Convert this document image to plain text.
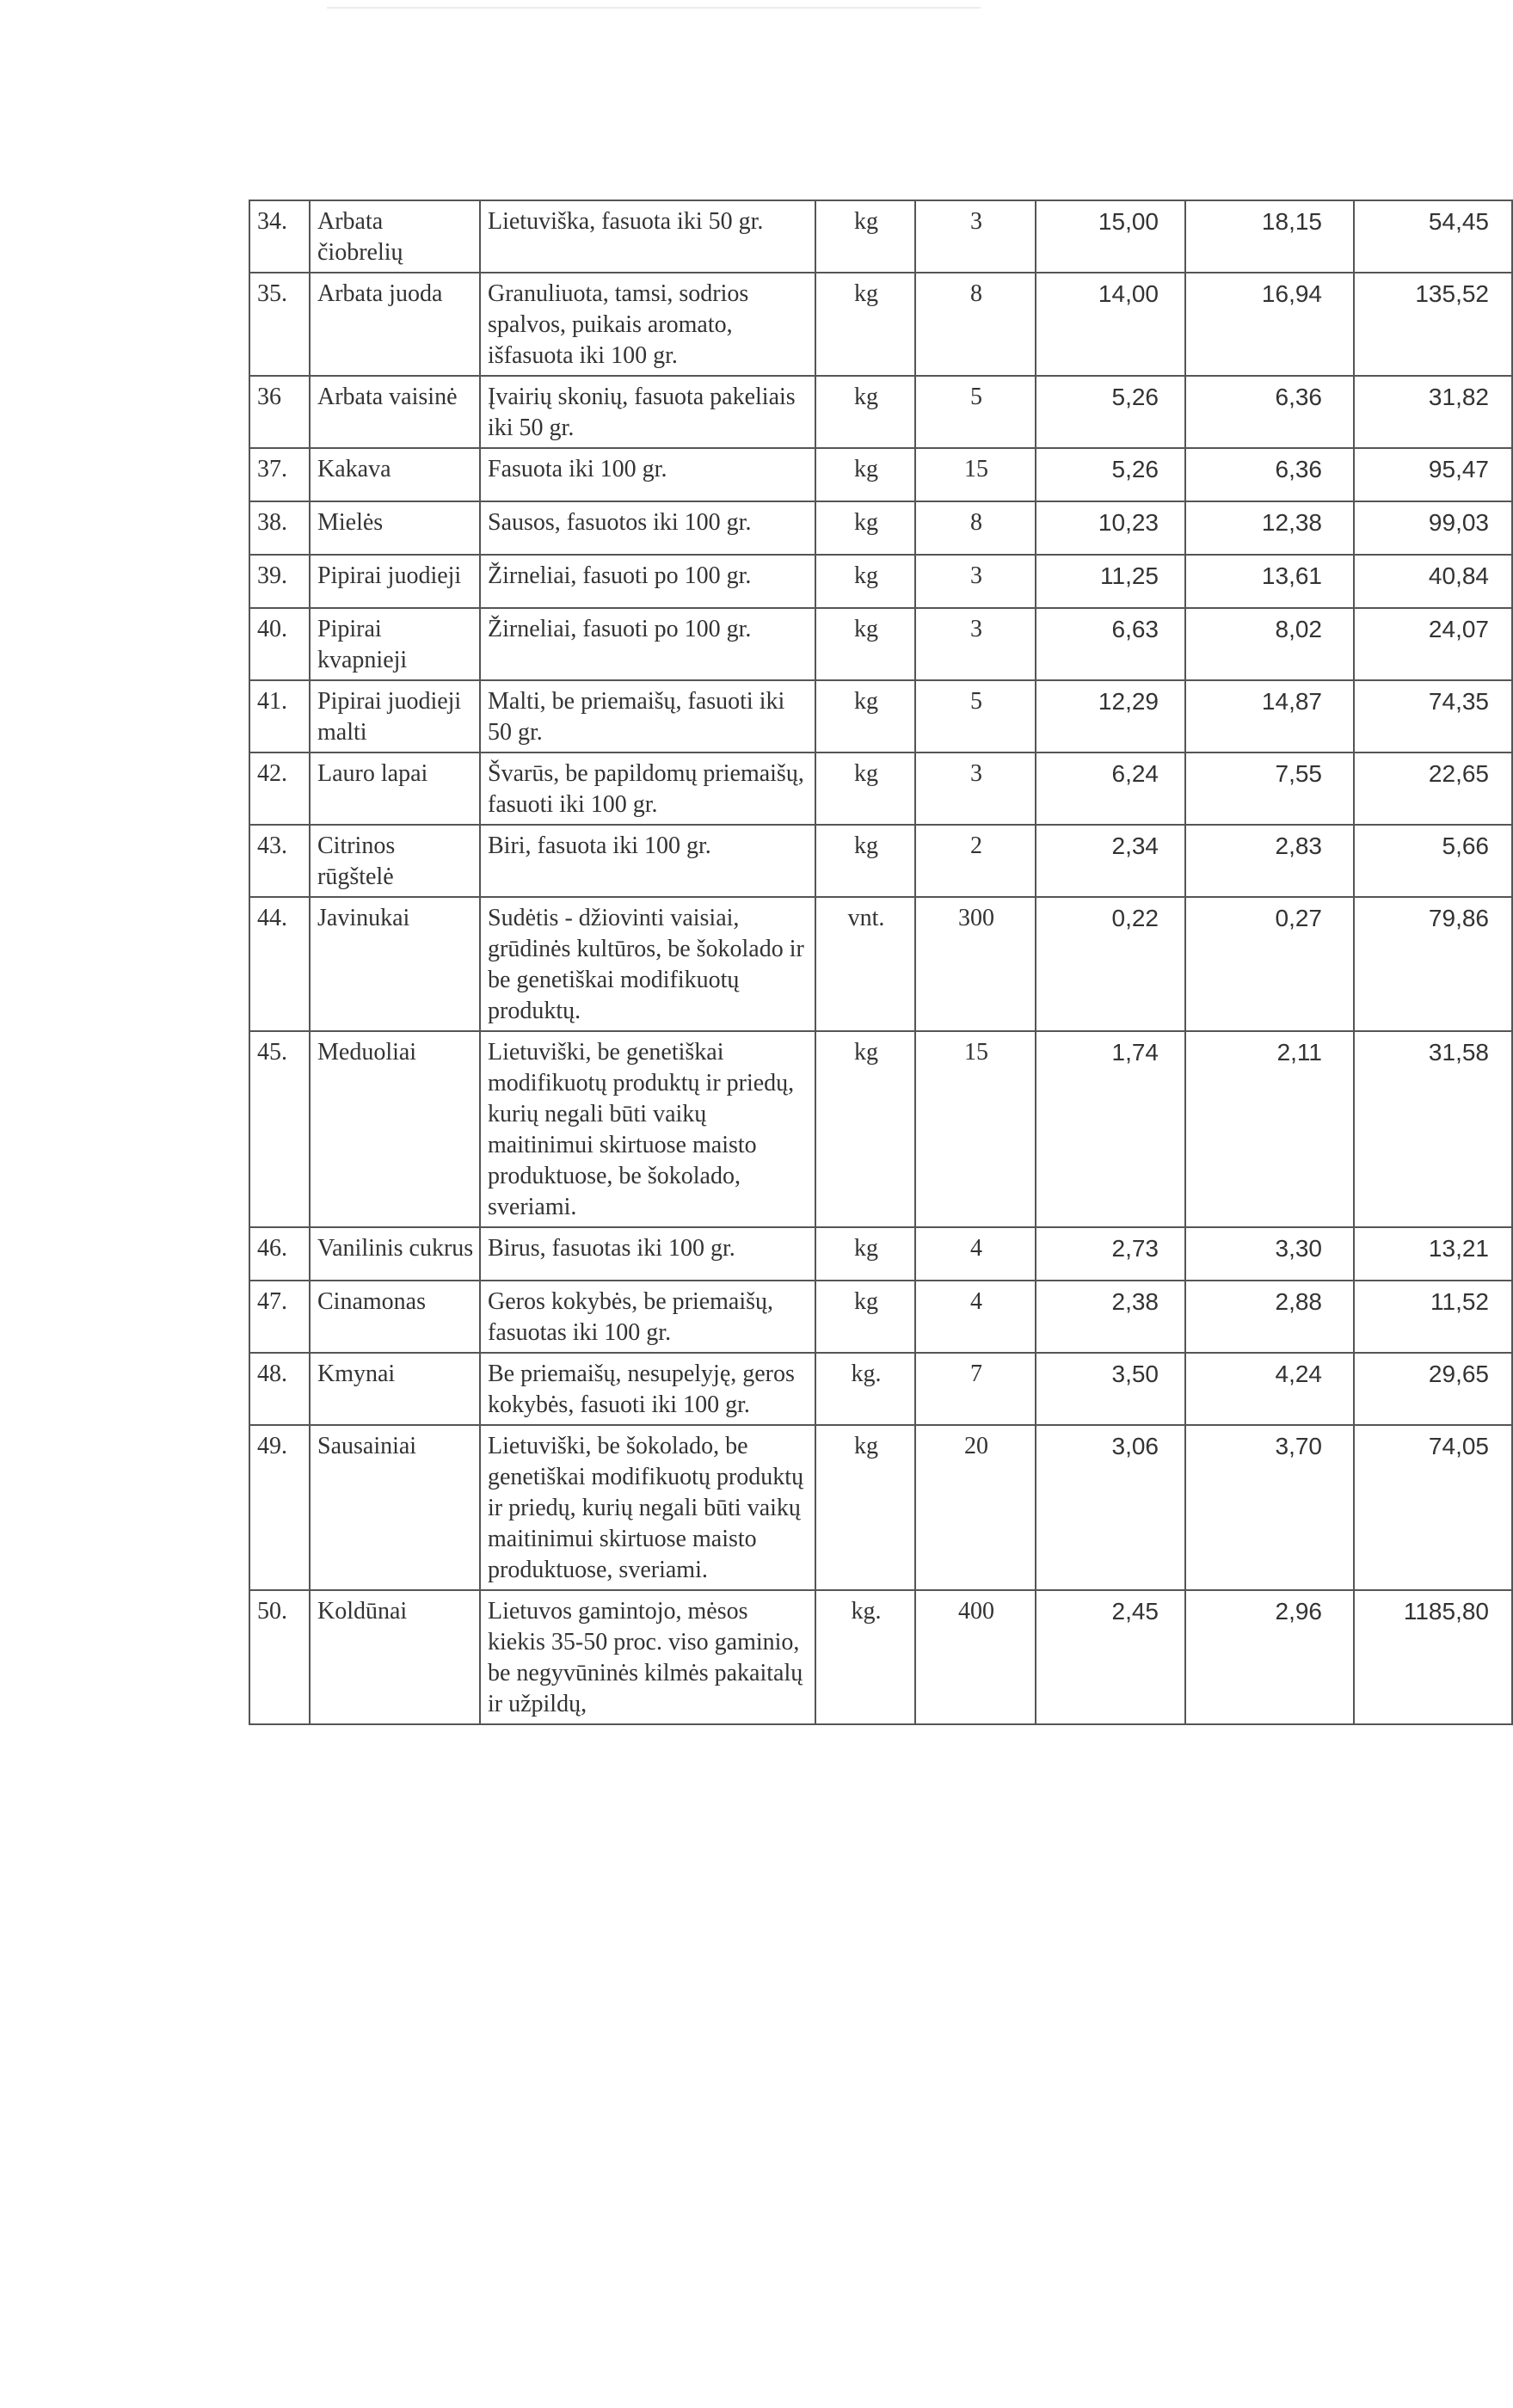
34.	Arbata čiobrelių	Lietuviška, fasuota iki 50 gr.	kg	3	15,00	18,15	54,45
35.	Arbata juoda	Granuliuota, tamsi, sodrios spalvos, puikais aromato, išfasuota iki 100 gr.	kg	8	14,00	16,94	135,52
36	Arbata vaisinė	Įvairių skonių, fasuota pakeliais iki 50 gr.	kg	5	5,26	6,36	31,82
37.	Kakava	Fasuota iki 100 gr.	kg	15	5,26	6,36	95,47
38.	Mielės	Sausos, fasuotos iki 100 gr.	kg	8	10,23	12,38	99,03
39.	Pipirai juodieji	Žirneliai, fasuoti po 100 gr.	kg	3	11,25	13,61	40,84
40.	Pipirai kvapnieji	Žirneliai, fasuoti po 100 gr.	kg	3	6,63	8,02	24,07
41.	Pipirai juodieji malti	Malti, be priemaišų, fasuoti iki 50 gr.	kg	5	12,29	14,87	74,35
42.	Lauro lapai	Švarūs, be papildomų priemaišų, fasuoti iki 100 gr.	kg	3	6,24	7,55	22,65
43.	Citrinos rūgštelė	Biri, fasuota iki 100 gr.	kg	2	2,34	2,83	5,66
44.	Javinukai	Sudėtis - džiovinti vaisiai, grūdinės kultūros, be šokolado ir be genetiškai modifikuotų produktų.	vnt.	300	0,22	0,27	79,86
45.	Meduoliai	Lietuviški, be genetiškai modifikuotų produktų ir priedų, kurių negali būti vaikų maitinimui skirtuose maisto produktuose, be šokolado, sveriami.	kg	15	1,74	2,11	31,58
46.	Vanilinis cukrus	Birus, fasuotas iki 100 gr.	kg	4	2,73	3,30	13,21
47.	Cinamonas	Geros kokybės, be priemaišų, fasuotas iki 100 gr.	kg	4	2,38	2,88	11,52
48.	Kmynai	Be priemaišų, nesupelyję, geros kokybės, fasuoti iki 100 gr.	kg.	7	3,50	4,24	29,65
49.	Sausainiai	Lietuviški, be šokolado, be genetiškai modifikuotų produktų ir priedų, kurių negali būti vaikų maitinimui skirtuose maisto produktuose, sveriami.	kg	20	3,06	3,70	74,05
50.	Koldūnai	Lietuvos gamintojo, mėsos kiekis 35-50 proc. viso gaminio, be negyvūninės kilmės pakaitalų ir užpildų,	kg.	400	2,45	2,96	1185,80
